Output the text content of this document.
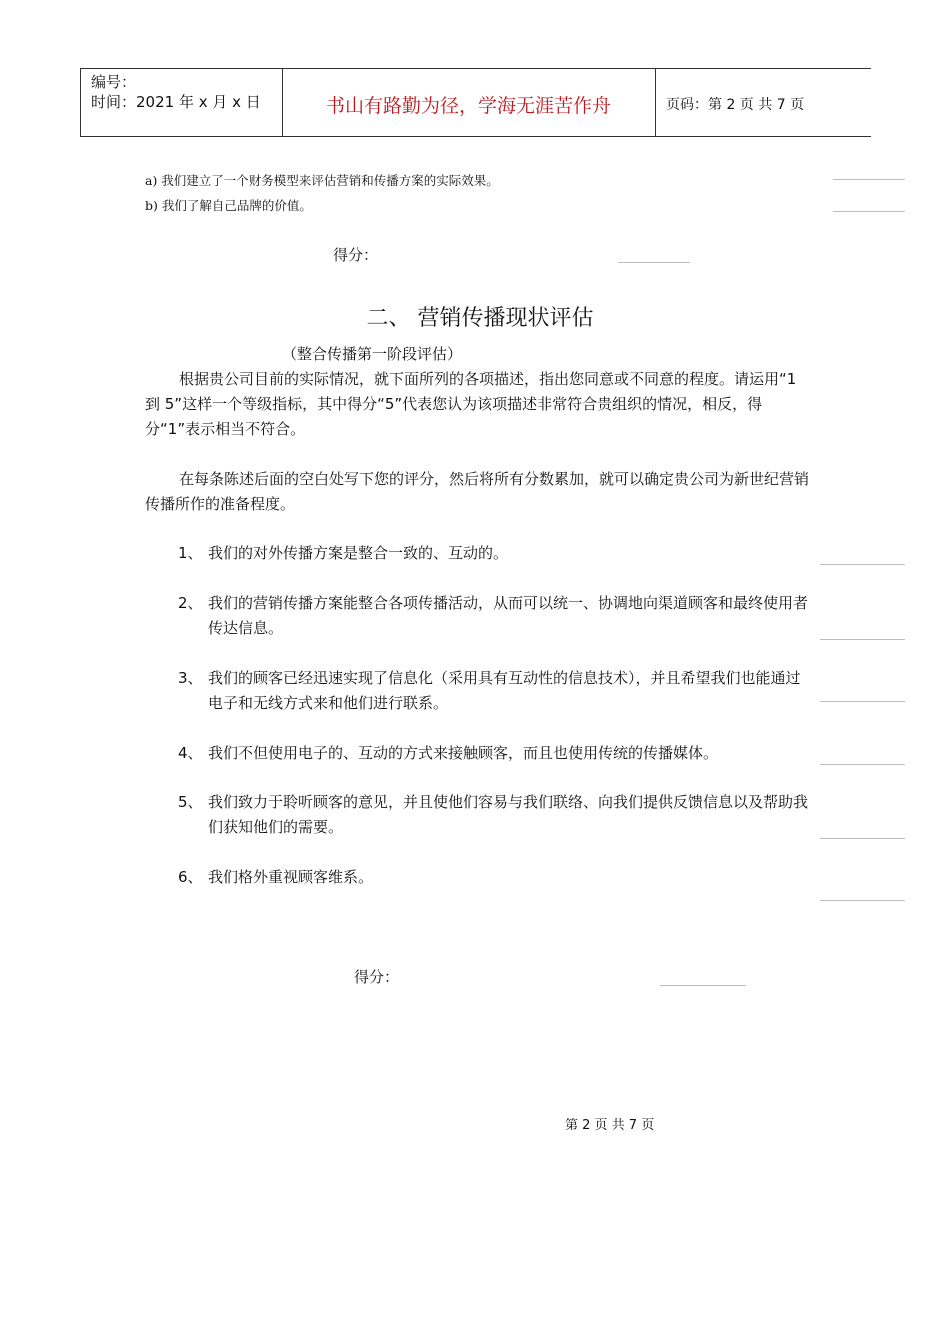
编号：
时间：2021 年 x 月 x 日	书山有路勤为径，学海无涯苦作舟	页码：第 2 页 共 7 页
a) 我们建立了一个财务模型来评估营销和传播方案的实际效果。
b) 我们了解自己品牌的价值。
得分：
二、 营销传播现状评估
（整合传播第一阶段评估）
根据贵公司目前的实际情况，就下面所列的各项描述，指出您同意或不同意的程度。请运用“1 到 5”这样一个等级指标，其中得分“5”代表您认为该项描述非常符合贵组织的情况，相反，得分“1”表示相当不符合。
在每条陈述后面的空白处写下您的评分，然后将所有分数累加，就可以确定贵公司为新世纪营销传播所作的准备程度。
1、 我们的对外传播方案是整合一致的、互动的。
2、 我们的营销传播方案能整合各项传播活动，从而可以统一、协调地向渠道顾客和最终使用者传达信息。
3、 我们的顾客已经迅速实现了信息化（采用具有互动性的信息技术），并且希望我们也能通过电子和无线方式来和他们进行联系。
4、 我们不但使用电子的、互动的方式来接触顾客，而且也使用传统的传播媒体。
5、 我们致力于聆听顾客的意见，并且使他们容易与我们联络、向我们提供反馈信息以及帮助我们获知他们的需要。
6、 我们格外重视顾客维系。
得分：
第 2 页 共 7 页
